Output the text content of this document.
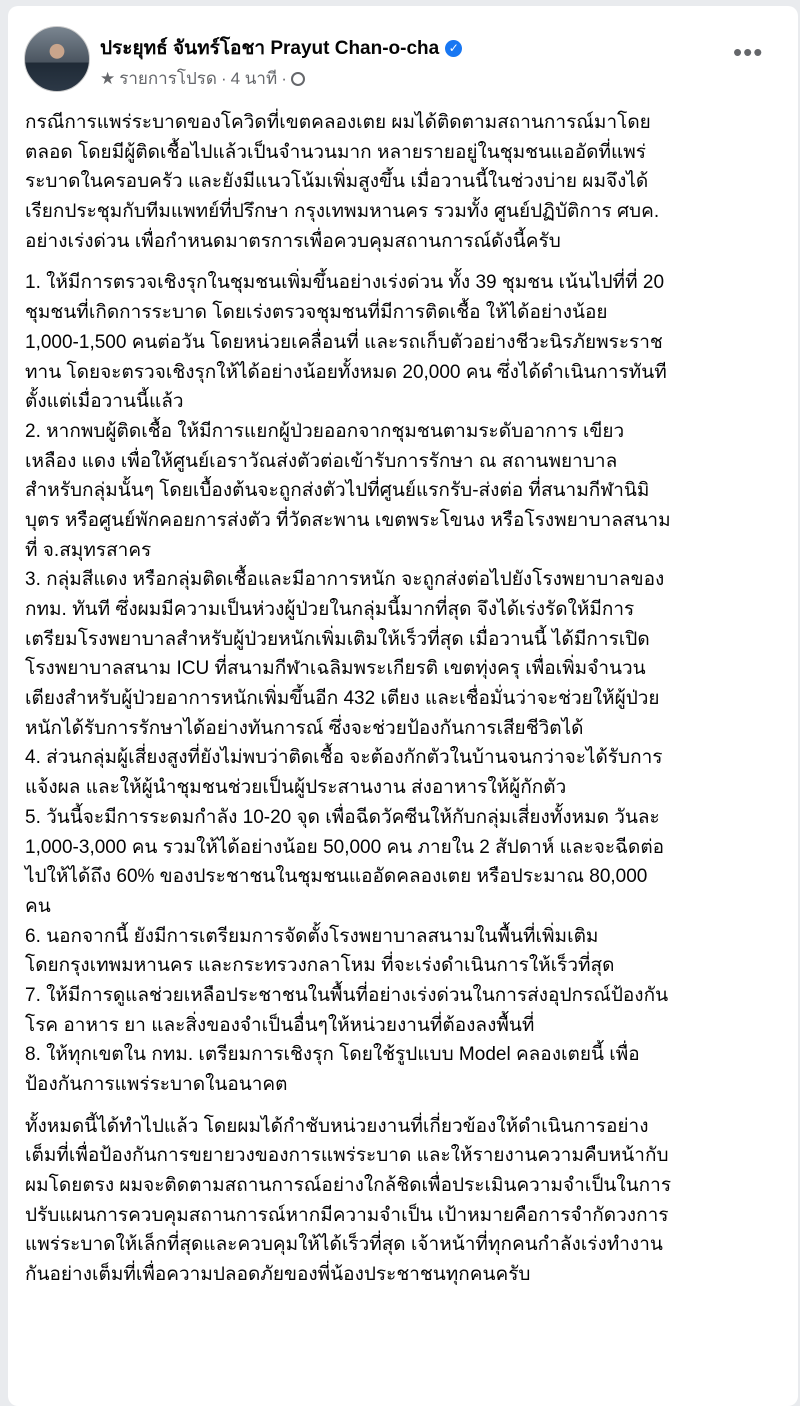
ประยุทธ์ จันทร์โอชา Prayut Chan-o-cha ✓
★ รายการโปรด · 4 นาที ·
•••
กรณีการแพร่ระบาดของโควิดที่เขตคลองเตย ผมได้ติดตามสถานการณ์มาโดย
ตลอด โดยมีผู้ติดเชื้อไปแล้วเป็นจำนวนมาก หลายรายอยู่ในชุมชนแออัดที่แพร่
ระบาดในครอบครัว และยังมีแนวโน้มเพิ่มสูงขึ้น เมื่อวานนี้ในช่วงบ่าย ผมจึงได้
เรียกประชุมกับทีมแพทย์ที่ปรึกษา กรุงเทพมหานคร รวมทั้ง ศูนย์ปฏิบัติการ ศบค.
อย่างเร่งด่วน เพื่อกำหนดมาตรการเพื่อควบคุมสถานการณ์ดังนี้ครับ
1. ให้มีการตรวจเชิงรุกในชุมชนเพิ่มขึ้นอย่างเร่งด่วน ทั้ง 39 ชุมชน เน้นไปที่ที่ 20
ชุมชนที่เกิดการระบาด โดยเร่งตรวจชุมชนที่มีการติดเชื้อ ให้ได้อย่างน้อย
1,000-1,500 คนต่อวัน โดยหน่วยเคลื่อนที่ และรถเก็บตัวอย่างชีวะนิรภัยพระราช
ทาน โดยจะตรวจเชิงรุกให้ได้อย่างน้อยทั้งหมด 20,000 คน ซึ่งได้ดำเนินการทันที
ตั้งแต่เมื่อวานนี้แล้ว
2. หากพบผู้ติดเชื้อ ให้มีการแยกผู้ป่วยออกจากชุมชนตามระดับอาการ เขียว
เหลือง แดง เพื่อให้ศูนย์เอราวัณส่งตัวต่อเข้ารับการรักษา ณ สถานพยาบาล
สำหรับกลุ่มนั้นๆ โดยเบื้องต้นจะถูกส่งตัวไปที่ศูนย์แรกรับ-ส่งต่อ ที่สนามกีฬานิมิ
บุตร หรือศูนย์พักคอยการส่งตัว ที่วัดสะพาน เขตพระโขนง หรือโรงพยาบาลสนาม
ที่ จ.สมุทรสาคร
3. กลุ่มสีแดง หรือกลุ่มติดเชื้อและมีอาการหนัก จะถูกส่งต่อไปยังโรงพยาบาลของ
กทม. ทันที ซึ่งผมมีความเป็นห่วงผู้ป่วยในกลุ่มนี้มากที่สุด จึงได้เร่งรัดให้มีการ
เตรียมโรงพยาบาลสำหรับผู้ป่วยหนักเพิ่มเติมให้เร็วที่สุด เมื่อวานนี้ ได้มีการเปิด
โรงพยาบาลสนาม ICU ที่สนามกีฬาเฉลิมพระเกียรติ เขตทุ่งครุ เพื่อเพิ่มจำนวน
เตียงสำหรับผู้ป่วยอาการหนักเพิ่มขึ้นอีก 432 เตียง และเชื่อมั่นว่าจะช่วยให้ผู้ป่วย
หนักได้รับการรักษาได้อย่างทันการณ์ ซึ่งจะช่วยป้องกันการเสียชีวิตได้
4. ส่วนกลุ่มผู้เสี่ยงสูงที่ยังไม่พบว่าติดเชื้อ จะต้องกักตัวในบ้านจนกว่าจะได้รับการ
แจ้งผล และให้ผู้นำชุมชนช่วยเป็นผู้ประสานงาน ส่งอาหารให้ผู้กักตัว
5. วันนี้จะมีการระดมกำลัง 10-20 จุด เพื่อฉีดวัคซีนให้กับกลุ่มเสี่ยงทั้งหมด วันละ
1,000-3,000 คน รวมให้ได้อย่างน้อย 50,000 คน ภายใน 2 สัปดาห์ และจะฉีดต่อ
ไปให้ได้ถึง 60% ของประชาชนในชุมชนแออัดคลองเตย หรือประมาณ 80,000
คน
6. นอกจากนี้ ยังมีการเตรียมการจัดตั้งโรงพยาบาลสนามในพื้นที่เพิ่มเติม
โดยกรุงเทพมหานคร และกระทรวงกลาโหม ที่จะเร่งดำเนินการให้เร็วที่สุด
7. ให้มีการดูแลช่วยเหลือประชาชนในพื้นที่อย่างเร่งด่วนในการส่งอุปกรณ์ป้องกัน
โรค อาหาร ยา และสิ่งของจำเป็นอื่นๆให้หน่วยงานที่ต้องลงพื้นที่
8. ให้ทุกเขตใน กทม. เตรียมการเชิงรุก โดยใช้รูปแบบ Model คลองเตยนี้ เพื่อ
ป้องกันการแพร่ระบาดในอนาคต
ทั้งหมดนี้ได้ทำไปแล้ว โดยผมได้กำชับหน่วยงานที่เกี่ยวข้องให้ดำเนินการอย่าง
เต็มที่เพื่อป้องกันการขยายวงของการแพร่ระบาด และให้รายงานความคืบหน้ากับ
ผมโดยตรง ผมจะติดตามสถานการณ์อย่างใกล้ชิดเพื่อประเมินความจำเป็นในการ
ปรับแผนการควบคุมสถานการณ์หากมีความจำเป็น เป้าหมายคือการจำกัดวงการ
แพร่ระบาดให้เล็กที่สุดและควบคุมให้ได้เร็วที่สุด เจ้าหน้าที่ทุกคนกำลังเร่งทำงาน
กันอย่างเต็มที่เพื่อความปลอดภัยของพี่น้องประชาชนทุกคนครับ
